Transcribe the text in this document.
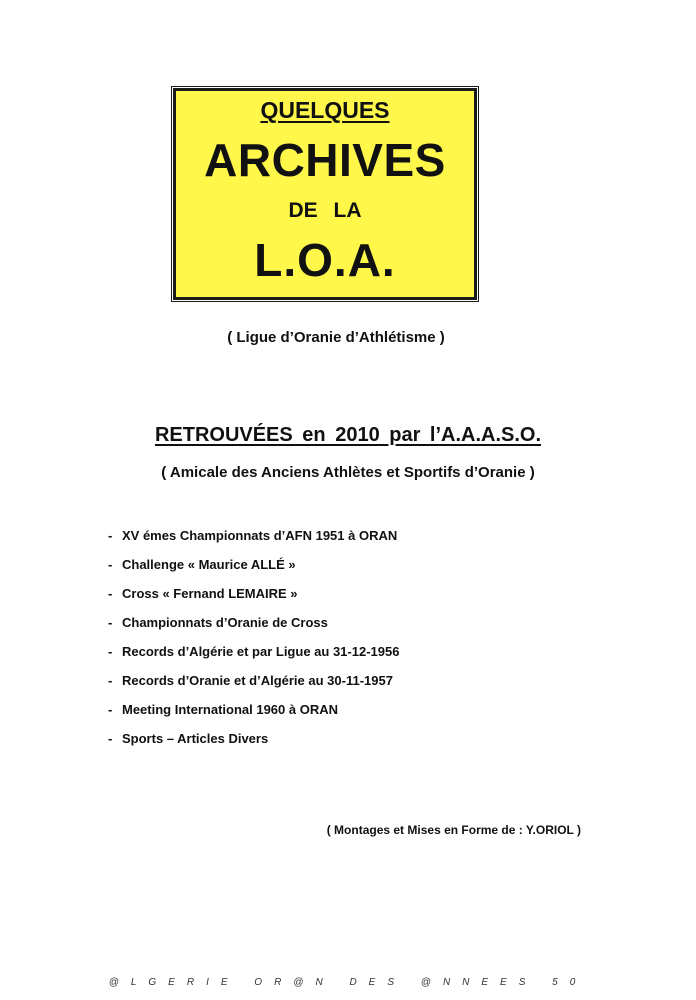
QUELQUES
ARCHIVES
DE LA
L.O.A.
( Ligue d’Oranie d’Athlétisme )
RETROUVÉES en 2010 par l’A.A.A.S.O.
( Amicale des Anciens Athlètes et Sportifs d’Oranie )
- XV émes Championnats d’AFN 1951 à ORAN
- Challenge « Maurice ALLÉ »
- Cross « Fernand LEMAIRE »
- Championnats d’Oranie de Cross
- Records d’Algérie et par Ligue au 31-12-1956
- Records d’Oranie et d’Algérie au 30-11-1957
- Meeting International 1960 à ORAN
- Sports – Articles Divers
( Montages et Mises en Forme de : Y.ORIOL )
@LGERIE OR@N DES @NNEES 50
